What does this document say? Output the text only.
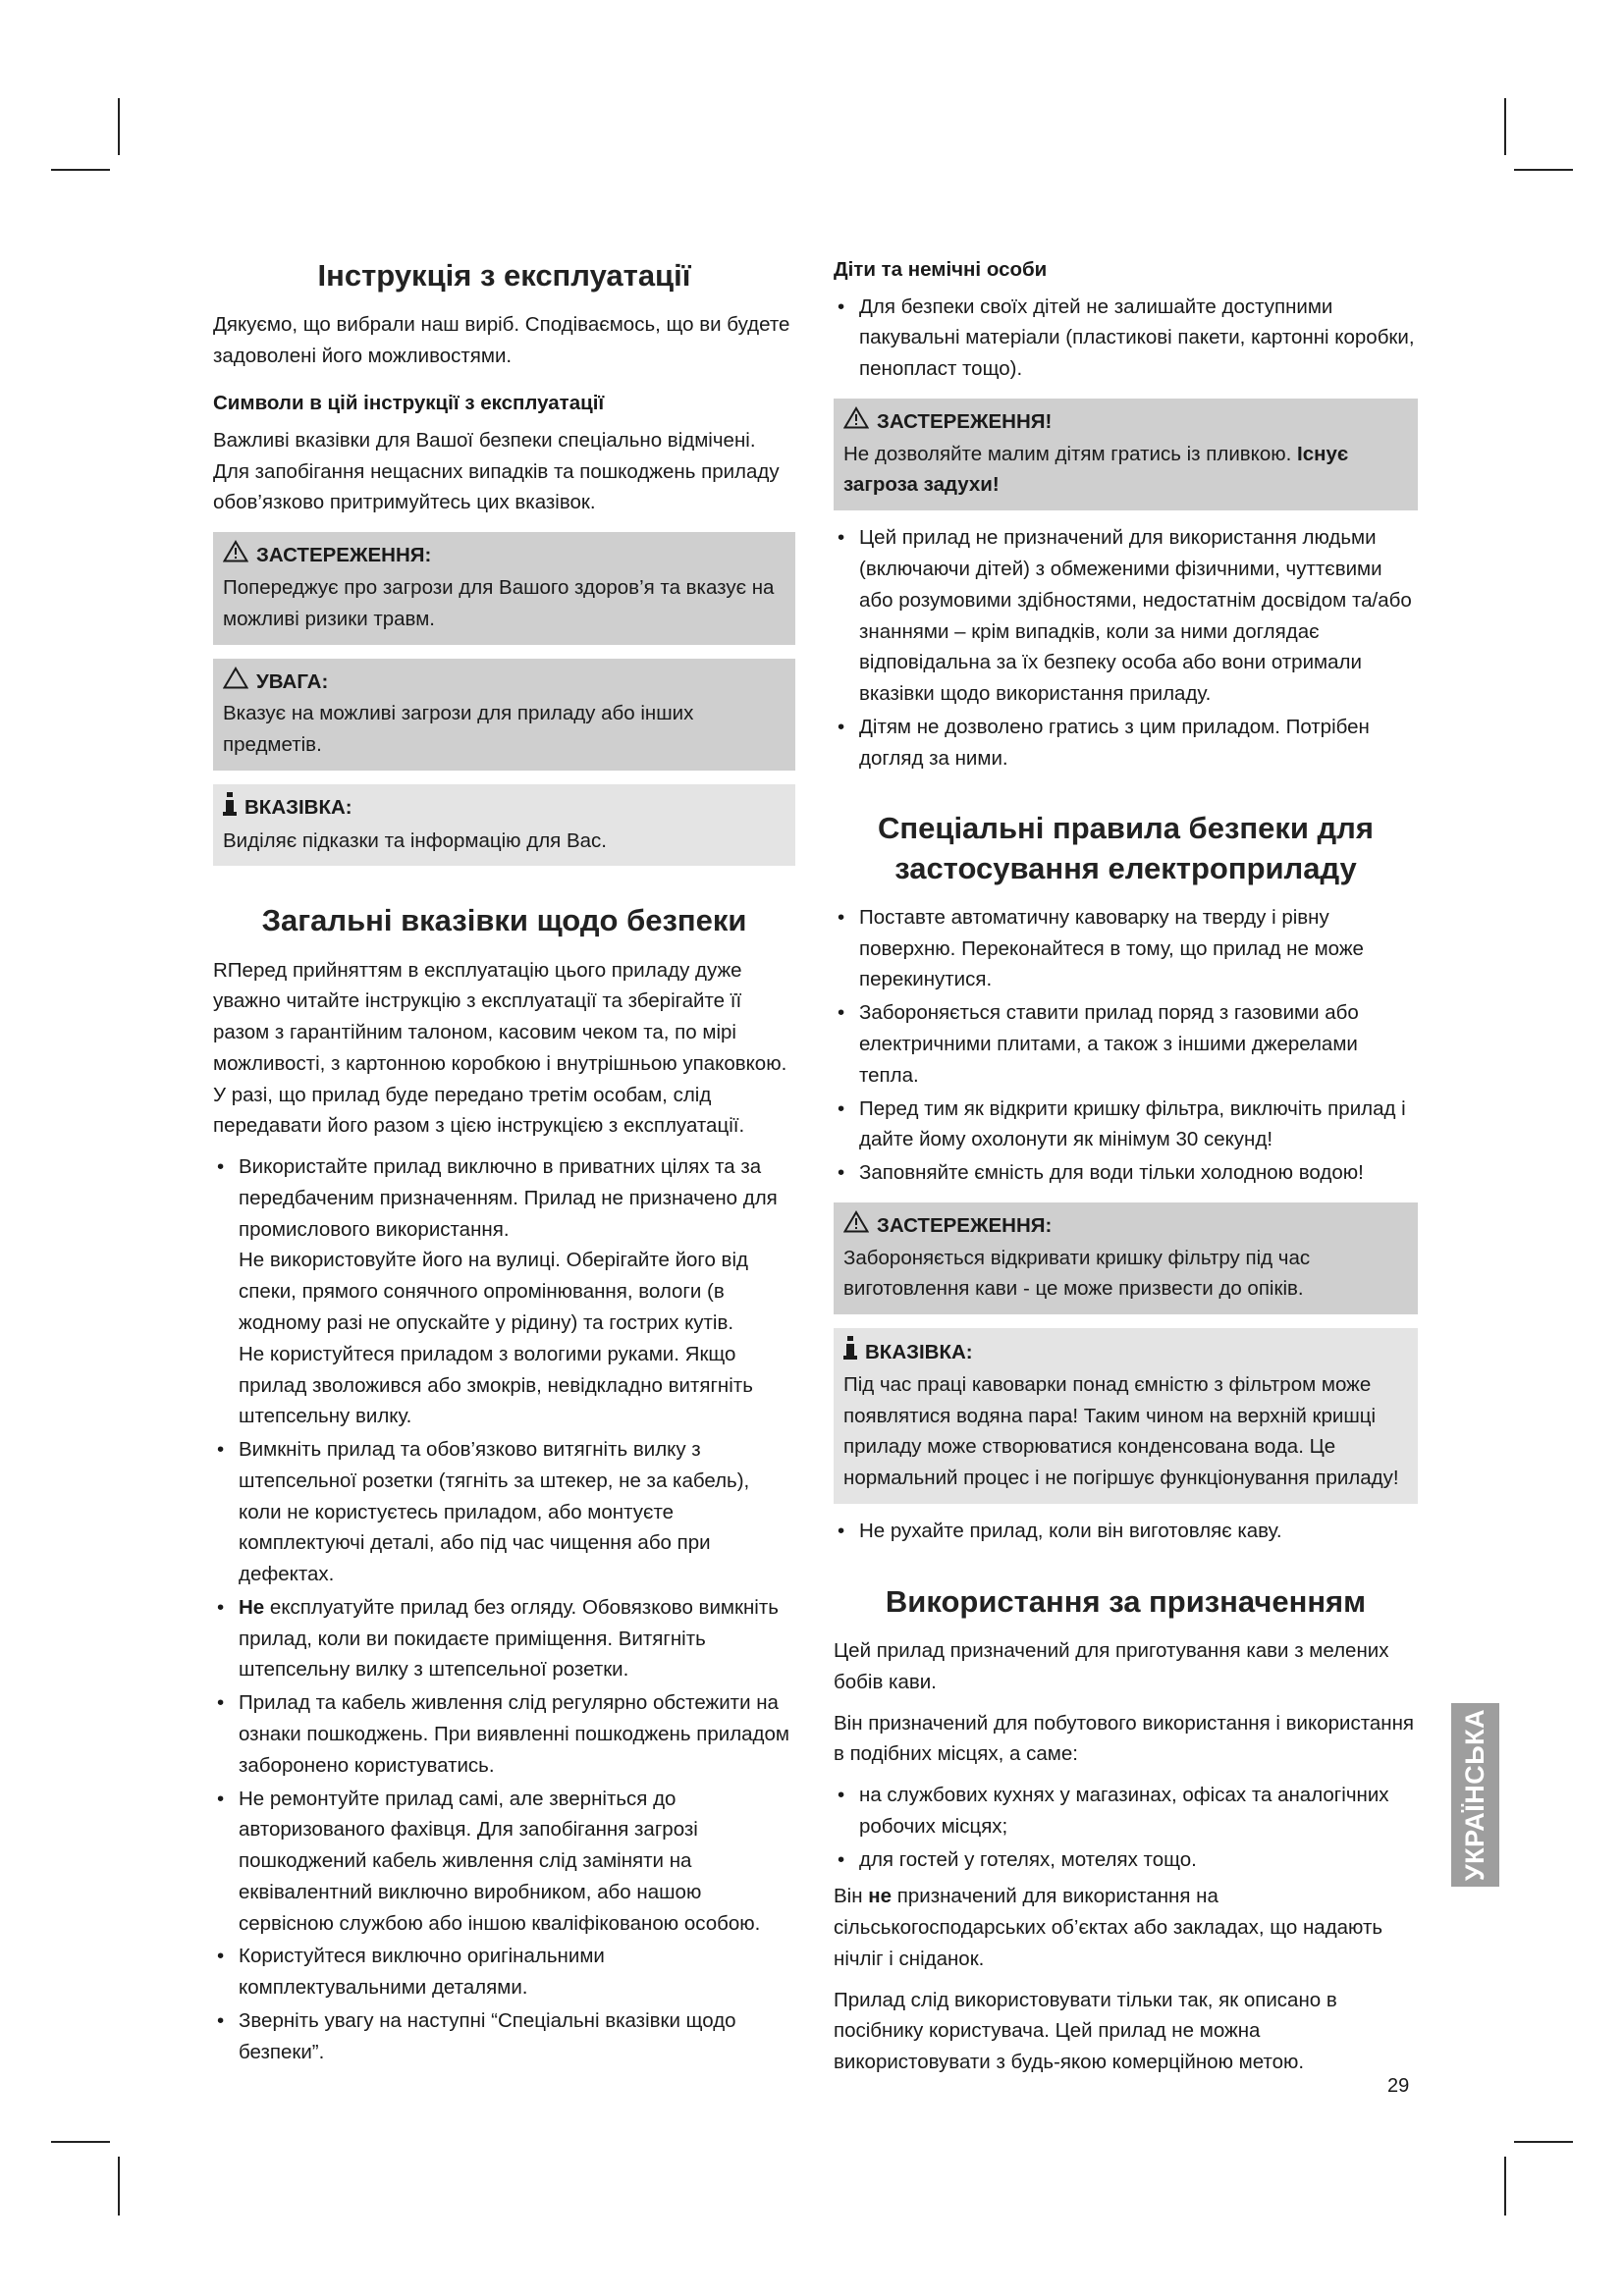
Інструкція з експлуатації

Дякуємо, що вибрали наш виріб. Сподіваємось, що ви будете задоволені його можливостями.

Символи в цій інструкції з експлуатації

Важливі вказівки для Вашої безпеки спеціально відмічені. Для запобігання нещасних випадків та пошкоджень приладу обов’язково притримуйтесь цих вказівок.

ЗАСТЕРЕЖЕННЯ:
Попереджує про загрози для Вашого здоров’я та вказує на можливі ризики травм.
УВАГА:
Вказує на можливі загрози для приладу або інших предметів.
ВКАЗІВКА:
Виділяє підказки та інформацію для Вас.
Загальні вказівки щодо безпеки

RПеред прийняттям в експлуатацію цього приладу дуже уважно читайте інструкцію з експлуатації та зберігайте її разом з гарантійним талоном, касовим чеком та, по мірі можливості, з картонною коробкою і внутрішньою упаковкою. У разі, що прилад буде передано третім особам, слід передавати його разом з цією інструкцією з експлуатації.

• Використайте прилад виключно в приватних цілях та за передбаченим призначенням. Прилад не призначено для промислового використання.
Не використовуйте його на вулиці. Оберігайте його від спеки, прямого сонячного опромінювання, вологи (в жодному разі не опускайте у рідину) та гострих кутів.
Не користуйтеся приладом з вологими руками. Якщо прилад зволожився або змокрів, невідкладно витягніть штепсельну вилку.
• Вимкніть прилад та обов’язково витягніть вилку з штепсельної розетки (тягніть за штекер, не за кабель), коли не користуєтесь приладом, або монтуєте комплектуючі деталі, або під час чищення або при дефектах.
• Не експлуатуйте прилад без огляду. Обовязково вимкніть прилад, коли ви покидаєте приміщення. Витягніть штепсельну вилку з штепсельної розетки.
• Прилад та кабель живлення слід регулярно обстежити на ознаки пошкоджень. При виявленні пошкоджень приладом заборонено користуватись.
• Не ремонтуйте прилад самі, але зверніться до авторизованого фахівця. Для запобігання загрозі пошкоджений кабель живлення слід заміняти на еквівалентний виключно виробником, або нашою сервісною службою або іншою кваліфікованою особою.
• Користуйтеся виключно оригінальними комплектувальними деталями.
• Зверніть увагу на наступні “Спеціальні вказівки щодо безпеки”.
Діти та немічні особи
• Для безпеки своїх дітей не залишайте доступними пакувальні матеріали (пластикові пакети, картонні коробки, пенопласт тощо).
ЗАСТЕРЕЖЕННЯ!
Не дозволяйте малим дітям гратись із пливкою. Існує загроза задухи!
• Цей прилад не призначений для використання людьми (включаючи дітей) з обмеженими фізичними, чуттєвими або розумовими здібностями, недостатнім досвідом та/або знаннями – крім випадків, коли за ними доглядає відповідальна за їх безпеку особа або вони отримали вказівки щодо використання приладу.
• Дітям не дозволено гратись з цим приладом. Потрібен догляд за ними.
Спеціальні правила безпеки для
застосування електроприладу
• Поставте автоматичну кавоварку на тверду і рівну поверхню. Переконайтеся в тому, що прилад не може перекинутися.
• Забороняється ставити прилад поряд з газовими або електричними плитами, а також з іншими джерелами тепла.
• Перед тим як відкрити кришку фільтра, виключіть прилад і дайте йому охолонути як мінімум 30 секунд!
• Заповняйте ємність для води тільки холодною водою!
ЗАСТЕРЕЖЕННЯ:
Забороняється відкривати кришку фільтру під час виготовлення кави - це може призвести до опіків.
ВКАЗІВКА:
Під час праці кавоварки понад ємністю з фільтром може появлятися водяна пара! Таким чином на верхній кришці приладу може створюватися конденсована вода. Це нормальний процес і не погіршує функціонування приладу!
• Не рухайте прилад, коли він виготовляє каву.
Використання за призначенням

Цей прилад призначений для приготування кави з мелених бобів кави.

Він призначений для побутового використання і використання в подібних місцях, а саме:

• на службових кухнях у магазинах, офісах та аналогічних робочих місцях;
• для гостей у готелях, мотелях тощо.

Він не призначений для використання на сільськогосподарських об’єктах або закладах, що надають нічліг і сніданок.

Прилад слід використовувати тільки так, як описано в посібнику користувача. Цей прилад не можна використовувати з будь-якою комерційною метою.

УКРАЇНСЬКА
29
